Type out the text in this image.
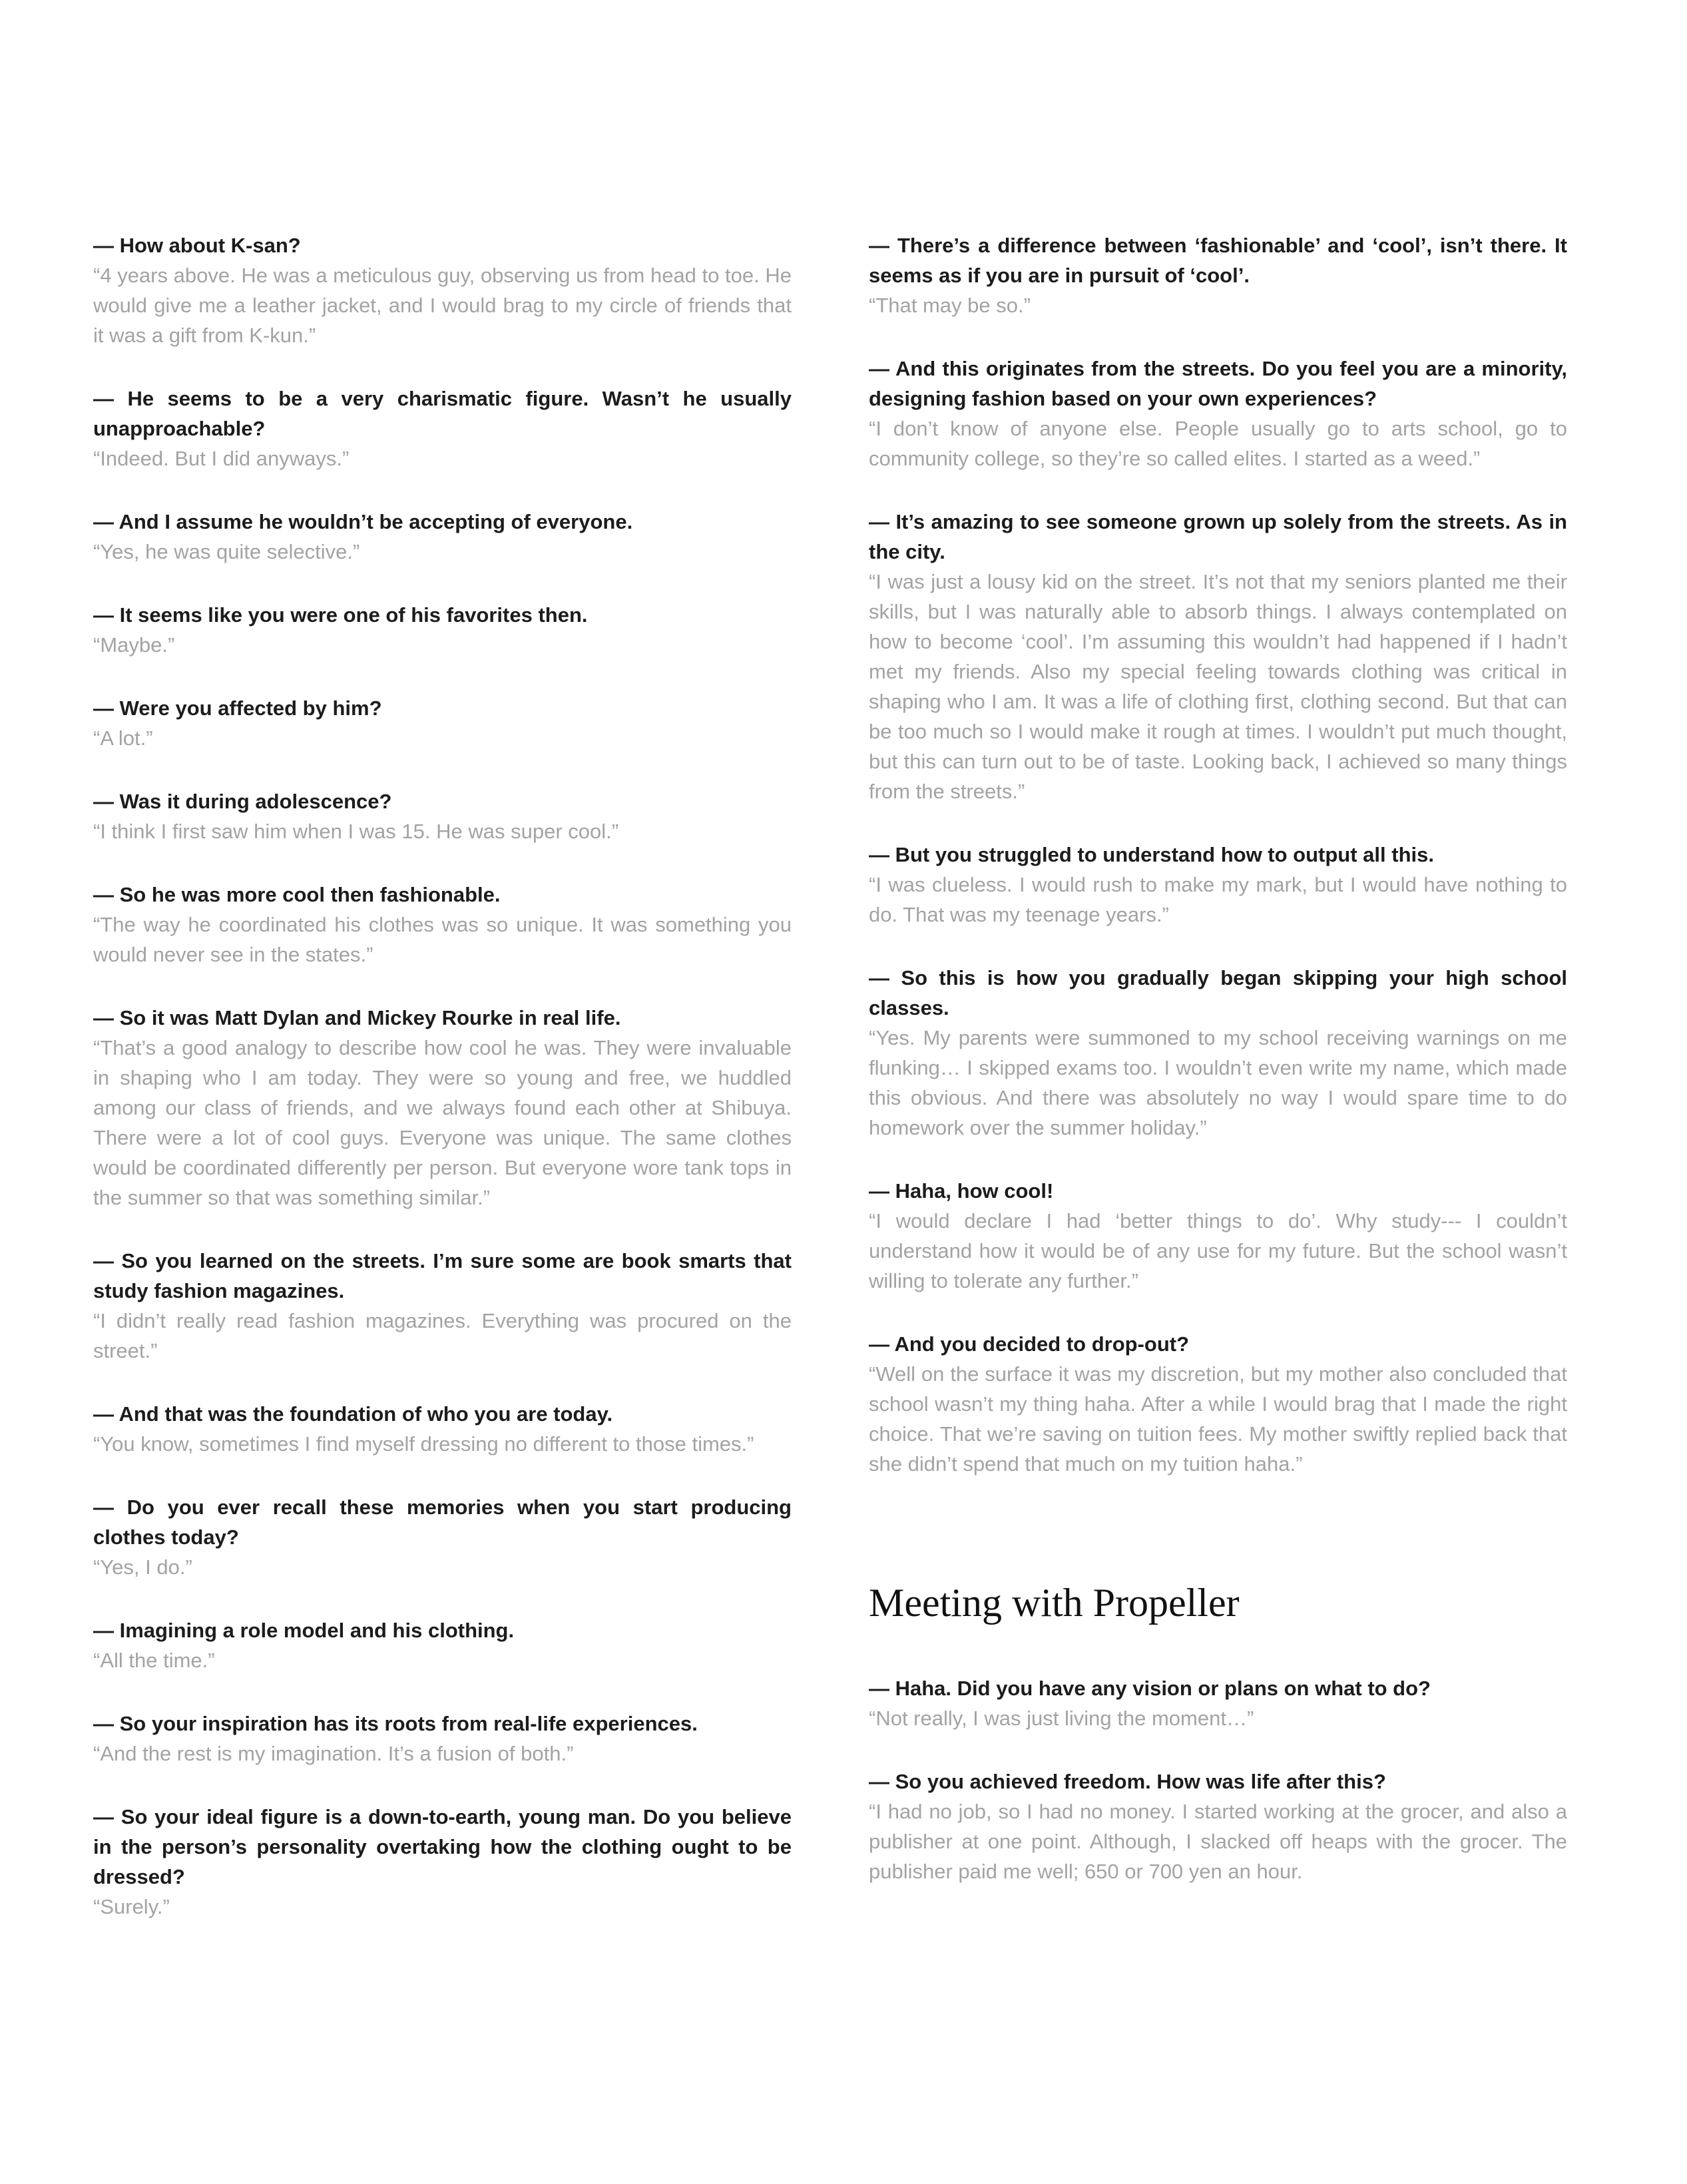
— How about K-san?

“4 years above. He was a meticulous guy, observing us from head to toe. He would give me a leather jacket, and I would brag to my circle of friends that it was a gift from K-kun.”

— He seems to be a very charismatic figure. Wasn’t he usually unapproachable?

“Indeed. But I did anyways.”

— And I assume he wouldn’t be accepting of everyone.

“Yes, he was quite selective.”

— It seems like you were one of his favorites then.

“Maybe.”

— Were you affected by him?

“A lot.”

— Was it during adolescence?

“I think I first saw him when I was 15. He was super cool.”

— So he was more cool then fashionable.

“The way he coordinated his clothes was so unique. It was something you would never see in the states.”

— So it was Matt Dylan and Mickey Rourke in real life.

“That’s a good analogy to describe how cool he was. They were invaluable in shaping who I am today. They were so young and free, we huddled among our class of friends, and we always found each other at Shibuya. There were a lot of cool guys. Everyone was unique. The same clothes would be coordinated differently per person. But everyone wore tank tops in the summer so that was something similar.”

— So you learned on the streets. I’m sure some are book smarts that study fashion magazines.

“I didn’t really read fashion magazines. Everything was procured on the street.”

— And that was the foundation of who you are today.

“You know, sometimes I find myself dressing no different to those times.”

— Do you ever recall these memories when you start producing clothes today?

“Yes, I do.”

— Imagining a role model and his clothing.

“All the time.”

— So your inspiration has its roots from real-life experiences.

“And the rest is my imagination. It’s a fusion of both.”

— So your ideal figure is a down-to-earth, young man. Do you believe in the person’s personality overtaking how the clothing ought to be dressed?

“Surely.”

— There’s a difference between ‘fashionable’ and ‘cool’, isn’t there. It seems as if you are in pursuit of ‘cool’.

“That may be so.”

— And this originates from the streets. Do you feel you are a minority, designing fashion based on your own experiences?

“I don’t know of anyone else. People usually go to arts school, go to community college, so they’re so called elites. I started as a weed.”

— It’s amazing to see someone grown up solely from the streets. As in the city.

“I was just a lousy kid on the street. It’s not that my seniors planted me their skills, but I was naturally able to absorb things. I always contemplated on how to become ‘cool’. I’m assuming this wouldn’t had happened if I hadn’t met my friends. Also my special feeling towards clothing was critical in shaping who I am. It was a life of clothing first, clothing second. But that can be too much so I would make it rough at times. I wouldn’t put much thought, but this can turn out to be of taste. Looking back, I achieved so many things from the streets.”

— But you struggled to understand how to output all this.

“I was clueless. I would rush to make my mark, but I would have nothing to do. That was my teenage years.”

— So this is how you gradually began skipping your high school classes.

“Yes. My parents were summoned to my school receiving warnings on me flunking… I skipped exams too. I wouldn’t even write my name, which made this obvious. And there was absolutely no way I would spare time to do homework over the summer holiday.”

— Haha, how cool!

“I would declare I had ‘better things to do’. Why study--- I couldn’t understand how it would be of any use for my future. But the school wasn’t willing to tolerate any further.”

— And you decided to drop-out?

“Well on the surface it was my discretion, but my mother also concluded that school wasn’t my thing haha. After a while I would brag that I made the right choice. That we’re saving on tuition fees. My mother swiftly replied back that she didn’t spend that much on my tuition haha.”

Meeting with Propeller

— Haha. Did you have any vision or plans on what to do?

“Not really, I was just living the moment…”

— So you achieved freedom. How was life after this?

“I had no job, so I had no money. I started working at the grocer, and also a publisher at one point. Although, I slacked off heaps with the grocer. The publisher paid me well; 650 or 700 yen an hour.
